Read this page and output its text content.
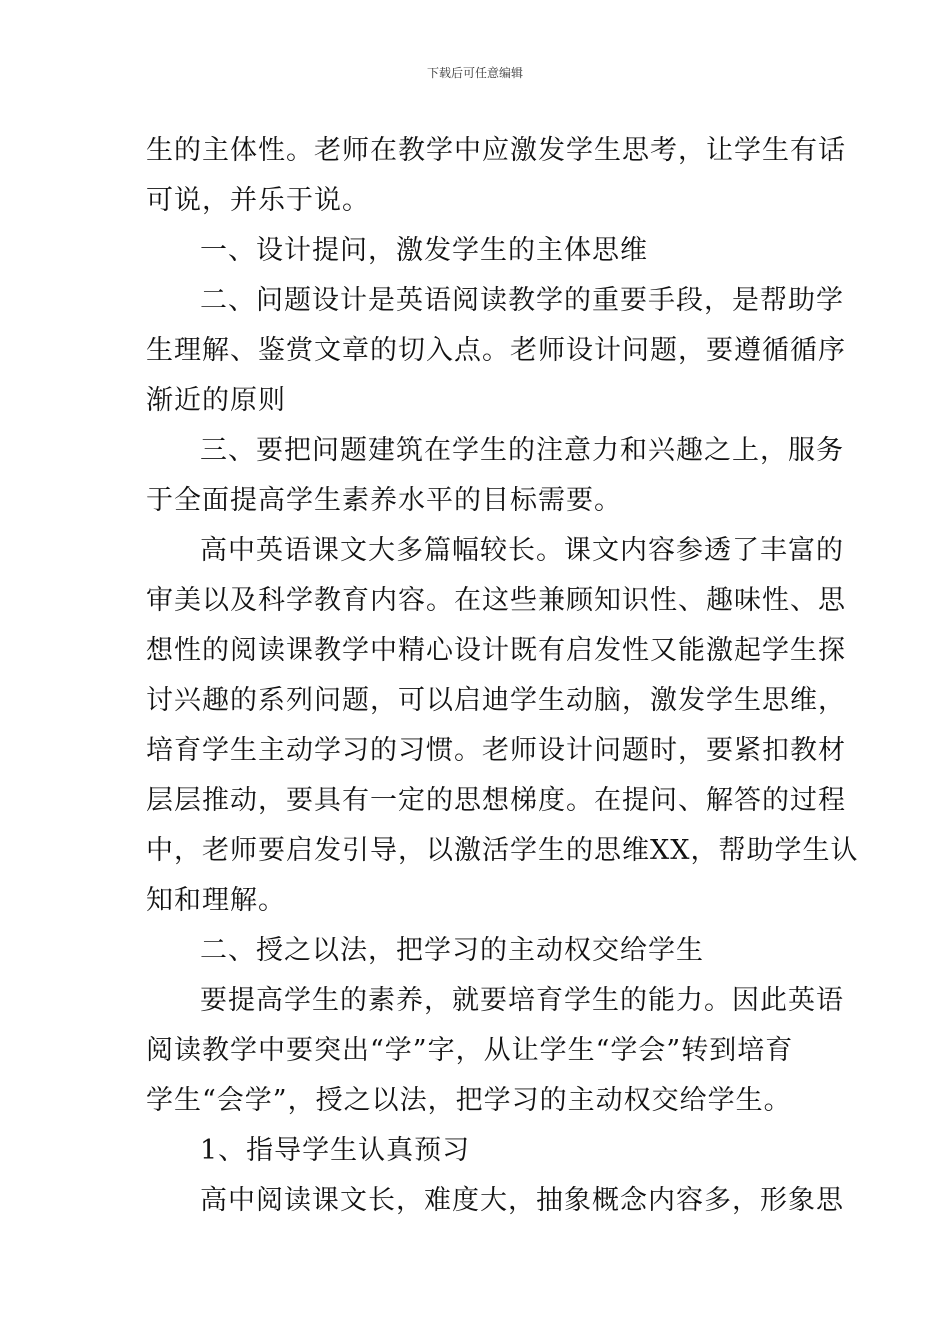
下载后可任意编辑
生的主体性。老师在教学中应激发学生思考，让学生有话
可说，并乐于说。
一、设计提问，激发学生的主体思维
二、问题设计是英语阅读教学的重要手段，是帮助学
生理解、鉴赏文章的切入点。老师设计问题，要遵循循序
渐近的原则
三、要把问题建筑在学生的注意力和兴趣之上，服务
于全面提高学生素养水平的目标需要。
高中英语课文大多篇幅较长。课文内容参透了丰富的
审美以及科学教育内容。在这些兼顾知识性、趣味性、思
想性的阅读课教学中精心设计既有启发性又能激起学生探
讨兴趣的系列问题，可以启迪学生动脑，激发学生思维，
培育学生主动学习的习惯。老师设计问题时，要紧扣教材
层层推动，要具有一定的思想梯度。在提问、解答的过程
中，老师要启发引导，以激活学生的思维XX，帮助学生认
知和理解。
二、授之以法，把学习的主动权交给学生
要提高学生的素养，就要培育学生的能力。因此英语
阅读教学中要突出“学”字，从让学生“学会”转到培育
学生“会学”，授之以法，把学习的主动权交给学生。
1、指导学生认真预习
高中阅读课文长，难度大，抽象概念内容多，形象思
